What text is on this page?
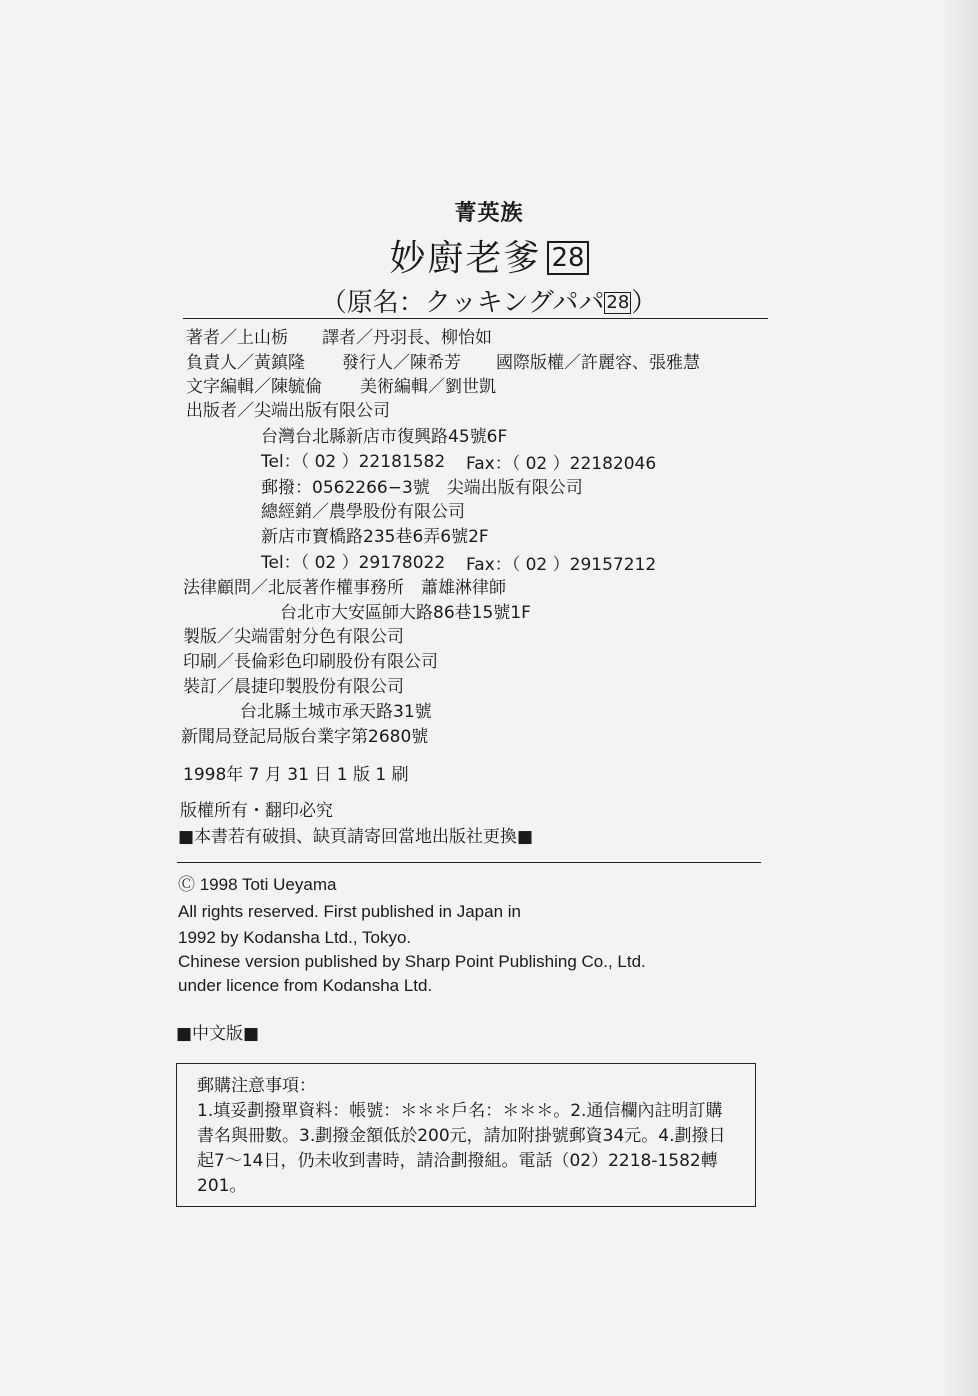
菁英族
妙廚老爹 28
（原名：クッキングパパ 28）
著者／上山栃 譯者／丹羽長、柳怡如
負責人／黃鎮隆 發行人／陳希芳 國際版權／許麗容、張雅慧
文字編輯／陳毓倫 美術編輯／劉世凱
出版者／尖端出版有限公司
台灣台北縣新店市復興路45號6F
Tel：（ 02 ）22181582 Fax：（ 02 ）22182046
郵撥：0562266−3號　尖端出版有限公司
總經銷／農學股份有限公司
新店市寶橋路235巷6弄6號2F
Tel：（ 02 ）29178022 Fax：（ 02 ）29157212
法律顧問／北辰著作權事務所　蕭雄淋律師
台北市大安區師大路86巷15號1F
製版／尖端雷射分色有限公司
印刷／長倫彩色印刷股份有限公司
裝訂／晨捷印製股份有限公司
台北縣土城市承天路31號
新聞局登記局版台業字第2680號
1998年 7 月 31 日 1 版 1 刷
版權所有・翻印必究
■本書若有破損、缺頁請寄回當地出版社更換■
Ⓒ 1998 Toti Ueyama
All rights reserved. First published in Japan in
1992 by Kodansha Ltd., Tokyo.
Chinese version published by Sharp Point Publishing Co., Ltd.
under licence from Kodansha Ltd.
■中文版■
郵購注意事項：
1.填妥劃撥單資料：帳號：＊＊＊戶名：＊＊＊。2.通信欄內註明訂購書名與冊數。3.劃撥金額低於200元，請加附掛號郵資34元。4.劃撥日起7～14日，仍未收到書時，請洽劃撥組。電話（02）2218-1582轉201。
